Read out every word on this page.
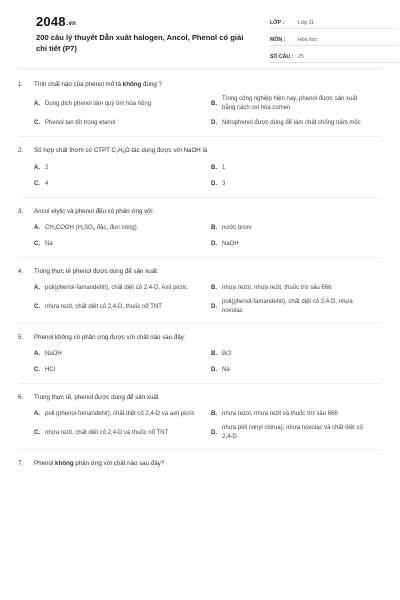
2048.vn
200 câu lý thuyết Dẫn xuất halogen, Ancol, Phenol có giải chi tiết (P7)
LỚP :	Lớp 11
MÔN :	Hóa học
SỐ CÂU : 25
1.	Tính chất nào của phenol mô tả không đúng ?
A. Dung dịch phenol làm quỳ tím hóa hồng	B.
Trong công nghiệp hiện nay, phenol được sản xuất bằng cách oxi hóa cumen
C. Phenol tan tốt trong etanol	D. Nitrophenol được dùng để làm chất chống nấm mốc
2.	Số hợp chất thơm có CTPT $C_7H_8O$ tác dụng được với NaOH là
A. 2	B. 1
C. 4	D. 3
3.	Ancol etylic và phenol đều có phản ứng với
A. $CH_3COOH$ ($H_2SO_4$ đặc, đun nóng)	B. nước brom
C. Na	D. NaOH
4.	Trong thực tế phenol được dùng để sản xuất:
A. poli(phenol-famandehit), chất diệt cỏ 2,4-D, Axit picric	B. nhựa rezol, nhựa rezit, thuốc trừ sâu 666
C. nhựa rezit, chất diệt cỏ 2,4-D, thuốc nổ TNT	D.
poli(phenol-famandehit), chất diệt cỏ 2,4-D, nhựa novolac
5.	Phenol không có phản ứng được với chất nào sau đây:
A. NaOH	B. Br2
C. HCl	D. Na
6.	Trong thực tế, phenol được dùng để sản xuất
A. poli (phenol-fomandehit), chất diệt cỏ 2,4-D và axit picric	B. nhựa rezol, nhựa rezit và thuốc trừ sâu 666
C. nhựa rezit, chất diệt cỏ 2,4-D và thuốc nổ TNT	D.
nhựa poli (vinyl clorua), nhựa novolac và chất diệt cỏ 2,4-D
7.	Phenol không phản ứng với chất nào sau đây?
